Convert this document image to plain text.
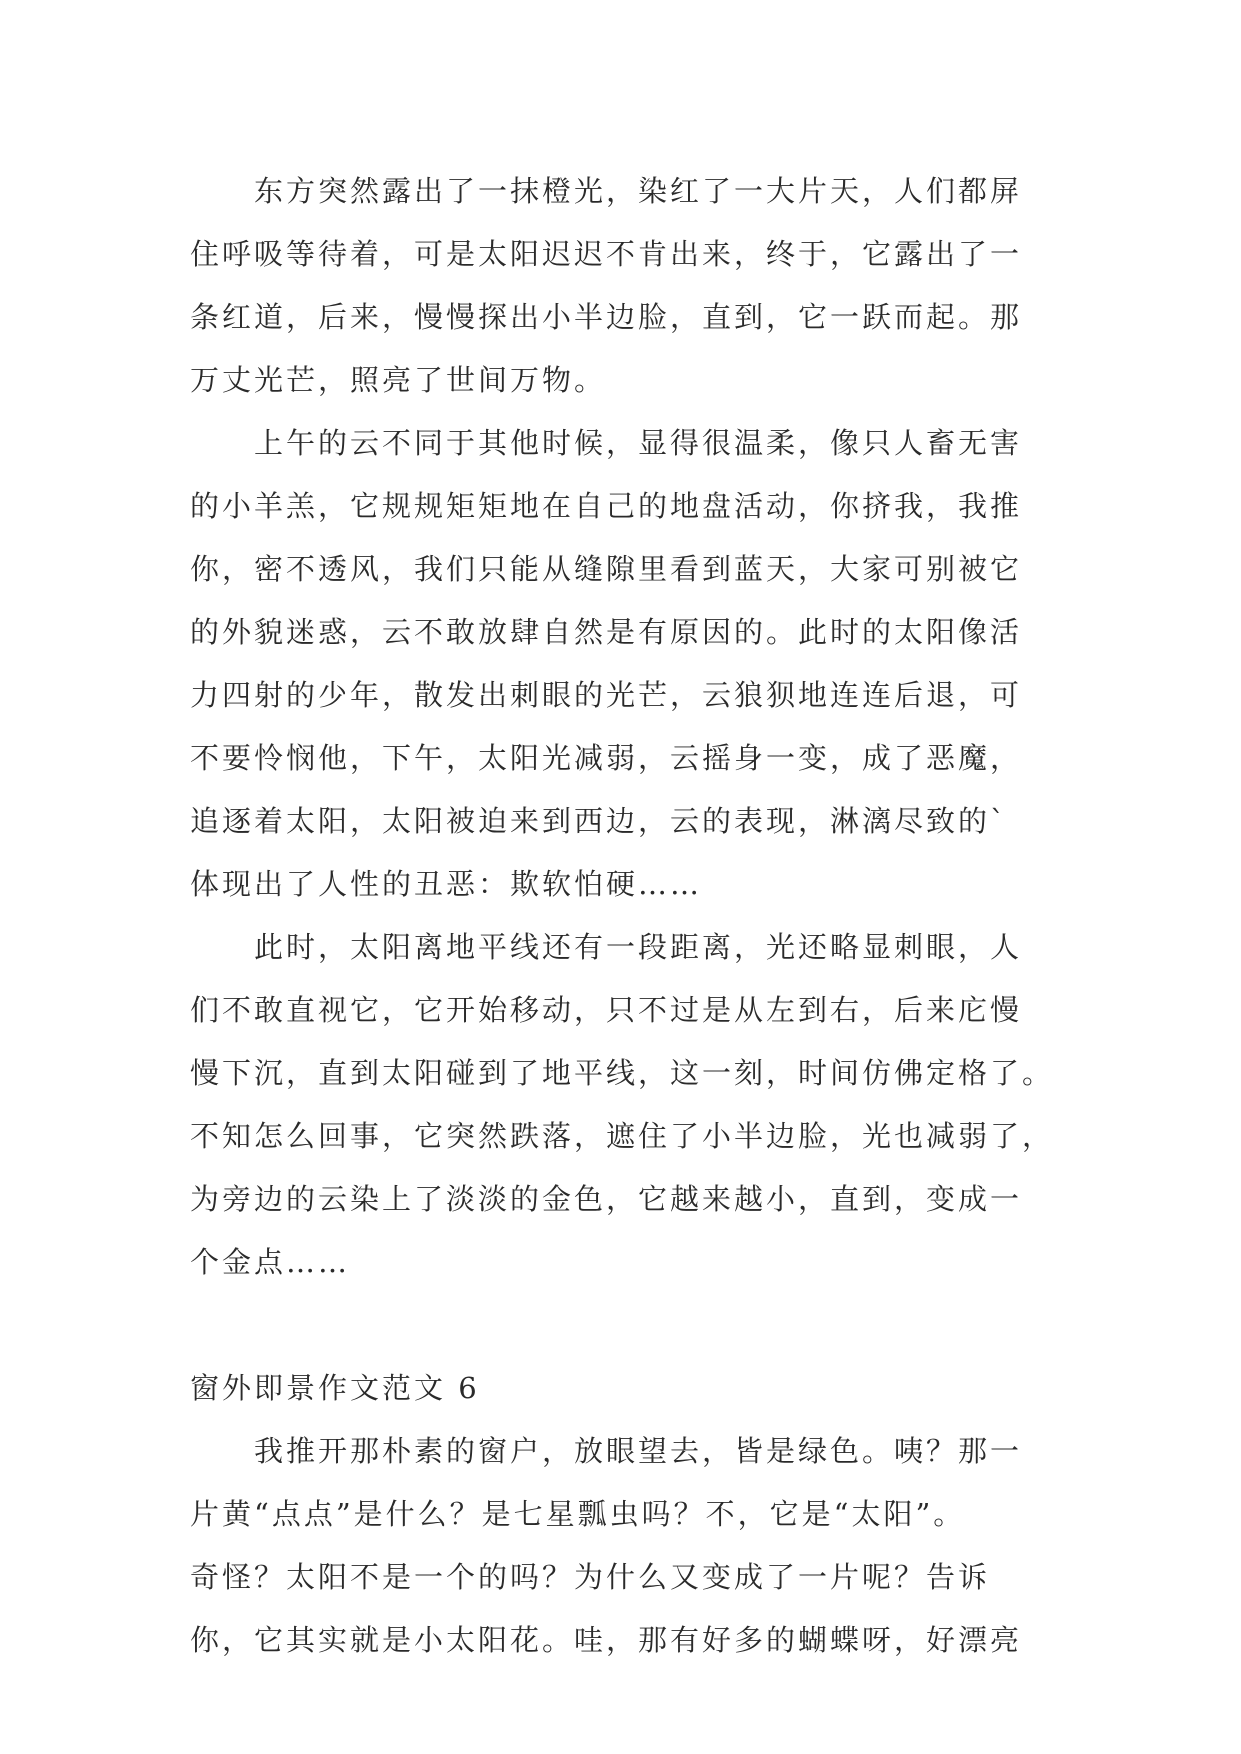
东方突然露出了一抹橙光，染红了一大片天，人们都屏

住呼吸等待着，可是太阳迟迟不肯出来，终于，它露出了一

条红道，后来，慢慢探出小半边脸，直到，它一跃而起。那

万丈光芒，照亮了世间万物。

上午的云不同于其他时候，显得很温柔，像只人畜无害

的小羊羔，它规规矩矩地在自己的地盘活动，你挤我，我推

你，密不透风，我们只能从缝隙里看到蓝天，大家可别被它

的外貌迷惑，云不敢放肆自然是有原因的。此时的太阳像活

力四射的少年，散发出刺眼的光芒，云狼狈地连连后退，可

不要怜悯他，下午，太阳光减弱，云摇身一变，成了恶魔，

追逐着太阳，太阳被迫来到西边，云的表现，淋漓尽致的`

体现出了人性的丑恶：欺软怕硬……

此时，太阳离地平线还有一段距离，光还略显刺眼，人

们不敢直视它，它开始移动，只不过是从左到右，后来庀慢

慢下沉，直到太阳碰到了地平线，这一刻，时间仿佛定格了。

不知怎么回事，它突然跌落，遮住了小半边脸，光也减弱了，

为旁边的云染上了淡淡的金色，它越来越小，直到，变成一

个金点……

窗外即景作文范文 6

我推开那朴素的窗户，放眼望去，皆是绿色。咦？那一

片黄“点点”是什么？是七星瓢虫吗？不，它是“太阳”。

奇怪？太阳不是一个的吗？为什么又变成了一片呢？告诉

你，它其实就是小太阳花。哇，那有好多的蝴蝶呀，好漂亮
